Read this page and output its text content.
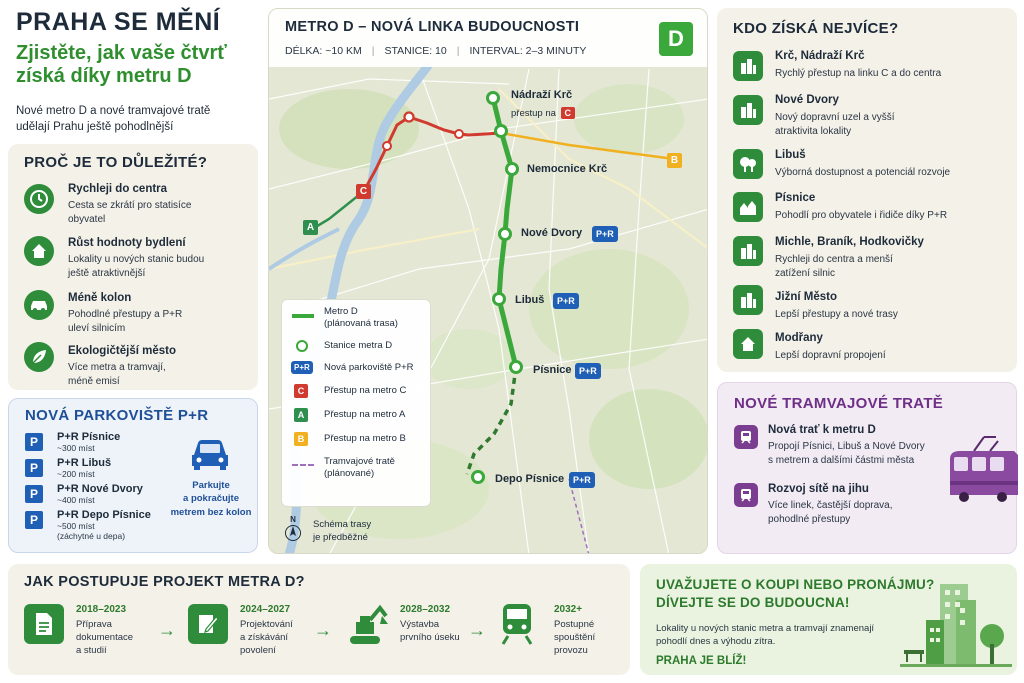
PRAHA SE MĚNÍ
Zjistěte, jak vaše čtvrť
získá díky metru D
Nové metro D a nové tramvajové tratě
udělají Prahu ještě pohodlnější
PROČ JE TO DŮLEŽITÉ?
Rychleji do centra
Cesta se zkrátí pro statisíce
obyvatel
Růst hodnoty bydlení
Lokality u nových stanic budou
ještě atraktivnější
Méně kolon
Pohodlné přestupy a P+R
uleví silnicím
Ekologičtější město
Více metra a tramvají,
méně emisí
NOVÁ PARKOVIŠTĚ P+R
P	P+R Písnice
~300 míst
P	P+R Libuš
~200 míst
P	P+R Nové Dvory
~400 míst
P	P+R Depo Písnice
~500 míst
(záchytné u depa)
Parkujte
a pokračujte
metrem bez kolon
METRO D – NOVÁ LINKA BUDOUCNOSTI
DÉLKA: ~10 KM | STANICE: 10 | INTERVAL: 2–3 MINUTY	D
Nádraží Krč
přestup na C
Nemocnice Krč
Nové Dvory	P+R
Libuš	P+R
Písnice P+R
Depo Písnice P+R
C
A
B
Metro D
(plánovaná trasa)
Stanice metra D
P+R	Nová parkoviště P+R
C	Přestup na metro C
A	Přestup na metro A
B	Přestup na metro B
Tramvajové tratě
(plánované)
N	Schéma trasy
je předběžné
KDO ZÍSKÁ NEJVÍCE?
Krč, Nádraží Krč
Rychlý přestup na linku C a do centra
Nové Dvory
Nový dopravní uzel a vyšší
atraktivita lokality
Libuš
Výborná dostupnost a potenciál rozvoje
Písnice
Pohodlí pro obyvatele i řidiče díky P+R
Michle, Braník, Hodkovičky
Rychleji do centra a menší
zatížení silnic
Jižní Město
Lepší přestupy a nové trasy
Modřany
Lepší dopravní propojení
NOVÉ TRAMVAJOVÉ TRATĚ
Nová trať k metru D
Propojí Písnici, Libuš a Nové Dvory
s metrem a dalšími částmi města
Rozvoj sítě na jihu
Více linek, častější doprava,
pohodlné přestupy
JAK POSTUPUJE PROJEKT METRA D?
2018–2023
Příprava
dokumentace
a studií
→
2024–2027
Projektování
a získávání
povolení
→
2028–2032
Výstavba
prvního úseku →
2032+
Postupné
spouštění
provozu
UVAŽUJETE O KOUPI NEBO PRONÁJMU?
DÍVEJTE SE DO BUDOUCNA!
Lokality u nových stanic metra a tramvají znamenají
pohodlí dnes a výhodu zítra.
PRAHA JE BLÍŽ!
